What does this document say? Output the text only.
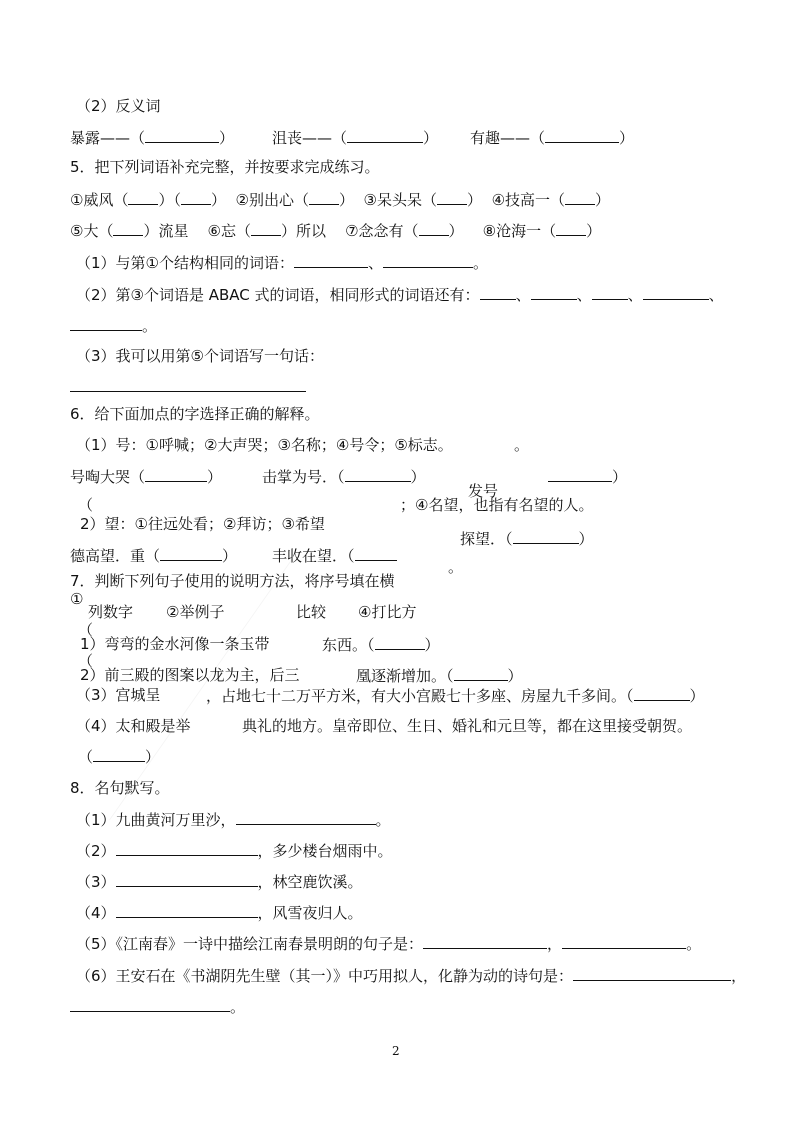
（2）反义词
暴露——（	）	沮丧——（	） 有趣——（	）
5．把下列词语补充完整，并按要求完成练习。
①威风（ ）（ ） ②别出心（ ） ③呆头呆（ ） ④技高一（ ）
⑤大（ ）流星 ⑥忘（ ）所以 ⑦念念有（ ） ⑧沧海一（ ）
（1）与第①个结构相同的词语：	、	。
（2）第③个词语是 ABAC 式的词语，相同形式的词语还有： 、	、 、	、
。
（3）我可以用第⑤个词语写一句话：
6．给下面加点的字选择正确的解释。
（1）号：①呼喊；②大声哭；③名称；④号令；⑤标志。	。
号啕大哭（	）	击掌为号．（	）	）
发号
（	；④名望，也指有名望的人。
2）望：①往远处看；②拜访；③希望
探望．（	）
德高望．重（	） 丰收在望．（
。
7．判断下列句子使用的说明方法，将序号填在横
①
列数字 ②举例子	比较 ④打比方
（
1）弯弯的金水河像一条玉带	东西。（	）
（
2）前三殿的图案以龙为主，后三	凰逐渐增加。（	）
（3）宫城呈	，占地七十二万平方米，有大小宫殿七十多座、房屋九千多间。（	）
（4）太和殿是举	典礼的地方。皇帝即位、生日、婚礼和元旦等，都在这里接受朝贺。
（	）
8．名句默写。
（1）九曲黄河万里沙，	。
（2）	，多少楼台烟雨中。
（3）	，林空鹿饮溪。
（4）	，风雪夜归人。
（5）《江南春》一诗中描绘江南春景明朗的句子是：	，	。
（6）王安石在《书湖阴先生壁（其一）》中巧用拟人，化静为动的诗句是：	，
。
2
